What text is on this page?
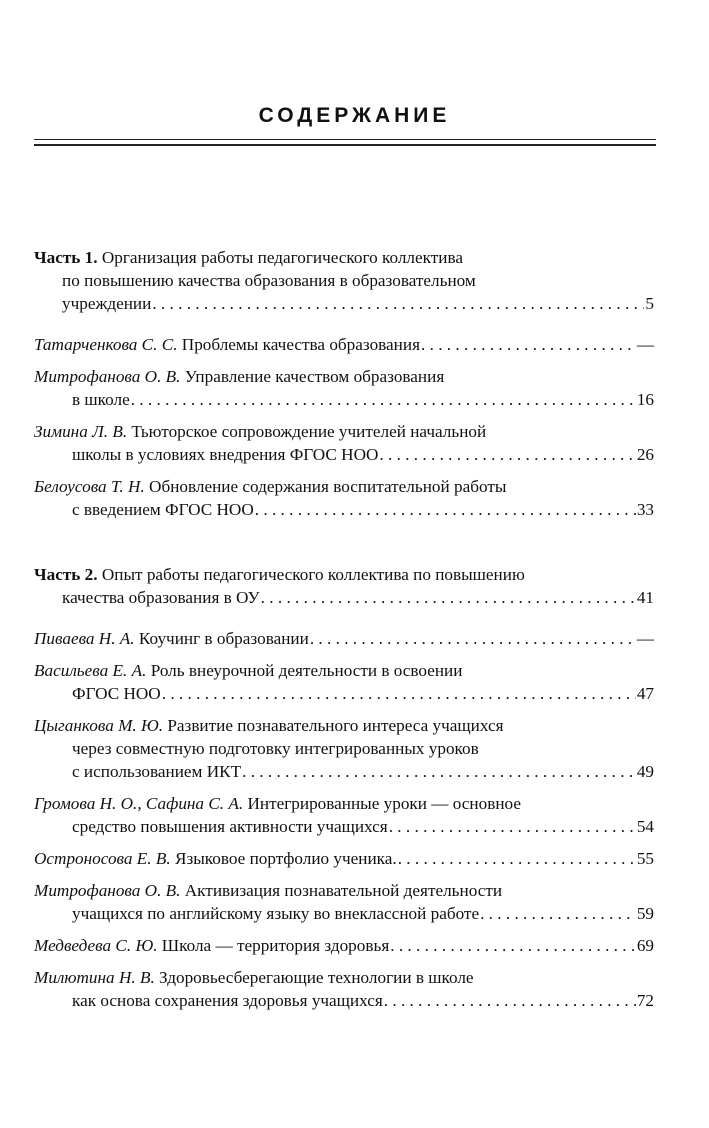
СОДЕРЖАНИЕ
Часть 1. Организация работы педагогического коллектива
по повышению качества образования в образовательном
учреждении . . .	5
Татарченкова С. С. Проблемы качества образования . . .	—
Митрофанова О. В. Управление качеством образования
в школе . . .	16
Зимина Л. В. Тьюторское сопровождение учителей начальной
школы в условиях внедрения ФГОС НОО . . .	26
Белоусова Т. Н. Обновление содержания воспитательной работы
с введением ФГОС НОО . . .	33
Часть 2. Опыт работы педагогического коллектива по повышению
качества образования в ОУ . . .	41
Пиваева Н. А. Коучинг в образовании . . .	—
Васильева Е. А. Роль внеурочной деятельности в освоении
ФГОС НОО . . .	47
Цыганкова М. Ю. Развитие познавательного интереса учащихся
через совместную подготовку интегрированных уроков
с использованием ИКТ . . .	49
Громова Н. О., Сафина С. А. Интегрированные уроки — основное
средство повышения активности учащихся . . .	54
Остроносова Е. В. Языковое портфолио ученика. . . .	55
Митрофанова О. В. Активизация познавательной деятельности
учащихся по английскому языку во внеклассной работе . . .	59
Медведева С. Ю. Школа — территория здоровья . . .	69
Милютина Н. В. Здоровьесберегающие технологии в школе
как основа сохранения здоровья учащихся . . .	72
